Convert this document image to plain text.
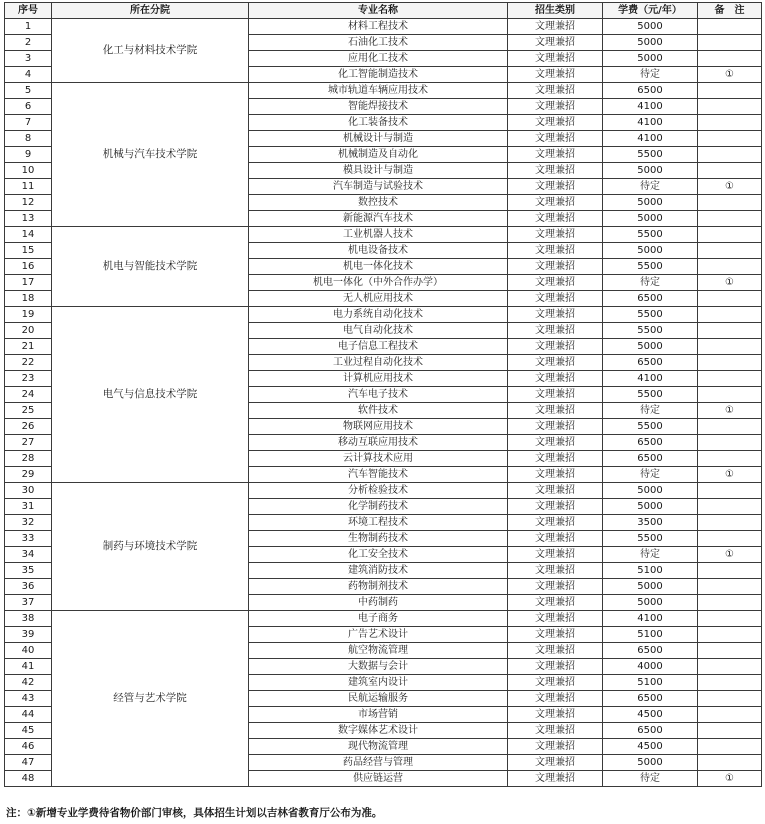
序号	所在分院	专业名称	招生类别	学费（元/年）	备　注
1	化工与材料技术学院	材料工程技术	文理兼招	5000	
2		石油化工技术	文理兼招	5000	
3		应用化工技术	文理兼招	5000	
4		化工智能制造技术	文理兼招	待定	①
5	机械与汽车技术学院	城市轨道车辆应用技术	文理兼招	6500	
6		智能焊接技术	文理兼招	4100	
7		化工装备技术	文理兼招	4100	
8		机械设计与制造	文理兼招	4100	
9		机械制造及自动化	文理兼招	5500	
10		模具设计与制造	文理兼招	5000	
11		汽车制造与试验技术	文理兼招	待定	①
12		数控技术	文理兼招	5000	
13		新能源汽车技术	文理兼招	5000	
14	机电与智能技术学院	工业机器人技术	文理兼招	5500	
15		机电设备技术	文理兼招	5000	
16		机电一体化技术	文理兼招	5500	
17		机电一体化（中外合作办学）	文理兼招	待定	①
18		无人机应用技术	文理兼招	6500	
19	电气与信息技术学院	电力系统自动化技术	文理兼招	5500	
20		电气自动化技术	文理兼招	5500	
21		电子信息工程技术	文理兼招	5000	
22		工业过程自动化技术	文理兼招	6500	
23		计算机应用技术	文理兼招	4100	
24		汽车电子技术	文理兼招	5500	
25		软件技术	文理兼招	待定	①
26		物联网应用技术	文理兼招	5500	
27		移动互联应用技术	文理兼招	6500	
28		云计算技术应用	文理兼招	6500	
29		汽车智能技术	文理兼招	待定	①
30	制药与环境技术学院	分析检验技术	文理兼招	5000	
31		化学制药技术	文理兼招	5000	
32		环境工程技术	文理兼招	3500	
33		生物制药技术	文理兼招	5500	
34		化工安全技术	文理兼招	待定	①
35		建筑消防技术	文理兼招	5100	
36		药物制剂技术	文理兼招	5000	
37		中药制药	文理兼招	5000	
38	经管与艺术学院	电子商务	文理兼招	4100	
39		广告艺术设计	文理兼招	5100	
40		航空物流管理	文理兼招	6500	
41		大数据与会计	文理兼招	4000	
42		建筑室内设计	文理兼招	5100	
43		民航运输服务	文理兼招	6500	
44		市场营销	文理兼招	4500	
45		数字媒体艺术设计	文理兼招	6500	
46		现代物流管理	文理兼招	4500	
47		药品经营与管理	文理兼招	5000	
48		供应链运营	文理兼招	待定	①
注：①新增专业学费待省物价部门审核，具体招生计划以吉林省教育厅公布为准。
